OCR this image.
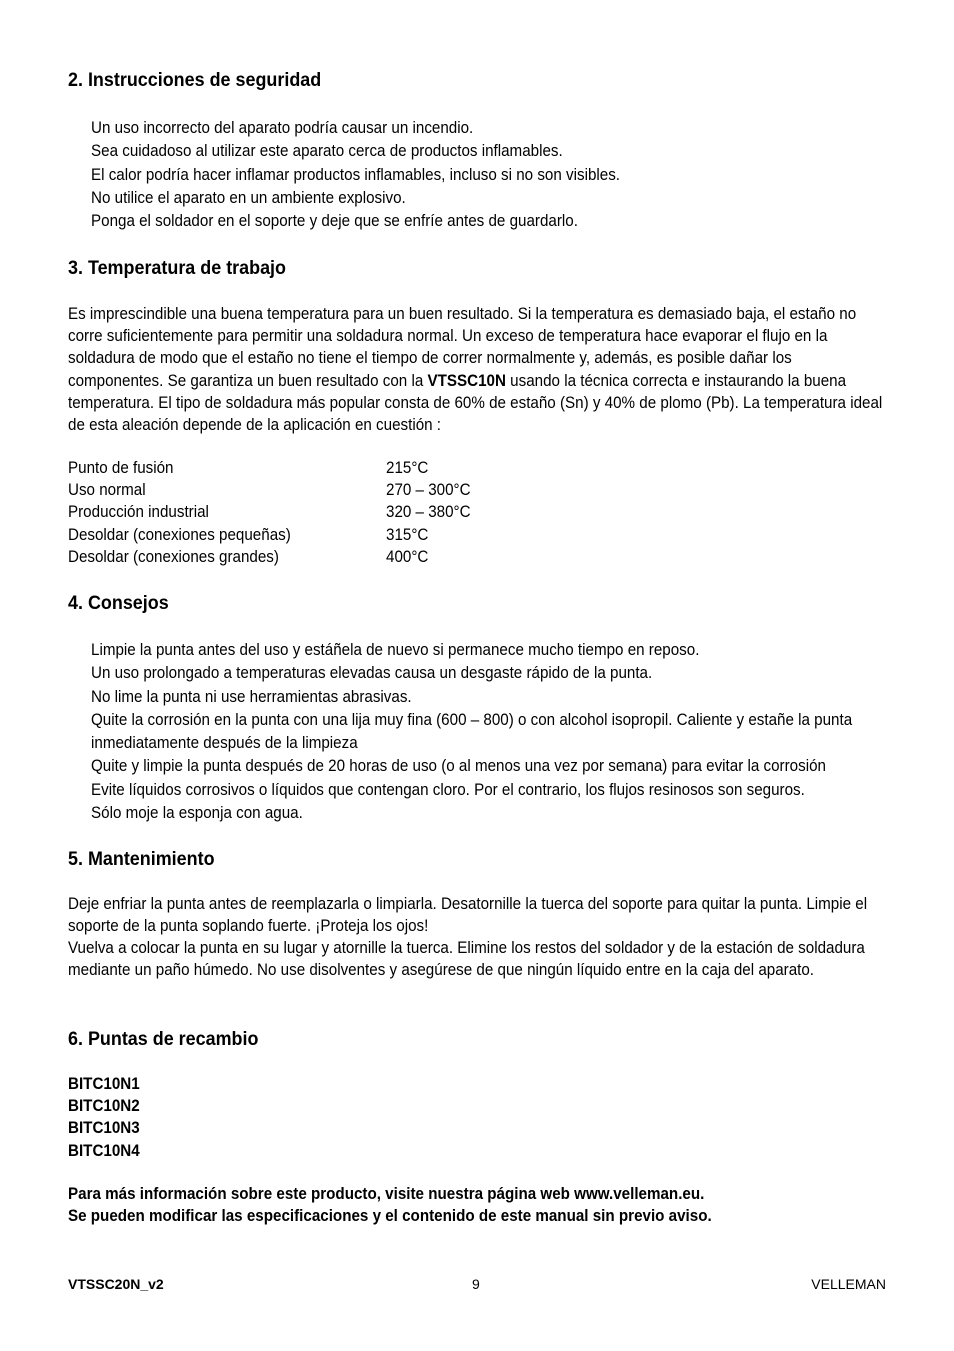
2. Instrucciones de seguridad
Un uso incorrecto del aparato podría causar un incendio.
Sea cuidadoso al utilizar este aparato cerca de productos inflamables.
El calor podría hacer inflamar productos inflamables, incluso si no son visibles.
No utilice el aparato en un ambiente explosivo.
Ponga el soldador en el soporte y deje que se enfríe antes de guardarlo.
3. Temperatura de trabajo

Es imprescindible una buena temperatura para un buen resultado. Si la temperatura es demasiado baja, el estaño no corre suficientemente para permitir una soldadura normal. Un exceso de temperatura hace evaporar el flujo en la soldadura de modo que el estaño no tiene el tiempo de correr normalmente y, además, es posible dañar los componentes. Se garantiza un buen resultado con la VTSSC10N usando la técnica correcta e instaurando la buena temperatura. El tipo de soldadura más popular consta de 60% de estaño (Sn) y 40% de plomo (Pb). La temperatura ideal de esta aleación depende de la aplicación en cuestión :

Punto de fusión	215°C
Uso normal	270 – 300°C
Producción industrial	320 – 380°C
Desoldar (conexiones pequeñas)	315°C
Desoldar (conexiones grandes)	400°C
4. Consejos
Limpie la punta antes del uso y estáñela de nuevo si permanece mucho tiempo en reposo.
Un uso prolongado a temperaturas elevadas causa un desgaste rápido de la punta.
No lime la punta ni use herramientas abrasivas.
Quite la corrosión en la punta con una lija muy fina (600 – 800) o con alcohol isopropil. Caliente y estañe la punta
inmediatamente después de la limpieza
Quite y limpie la punta después de 20 horas de uso (o al menos una vez por semana) para evitar la corrosión
Evite líquidos corrosivos o líquidos que contengan cloro. Por el contrario, los flujos resinosos son seguros.
Sólo moje la esponja con agua.
5. Mantenimiento

Deje enfriar la punta antes de reemplazarla o limpiarla. Desatornille la tuerca del soporte para quitar la punta. Limpie el soporte de la punta soplando fuerte. ¡Proteja los ojos!

Vuelva a colocar la punta en su lugar y atornille la tuerca. Elimine los restos del soldador y de la estación de soldadura mediante un paño húmedo. No use disolventes y asegúrese de que ningún líquido entre en la caja del aparato.

6. Puntas de recambio
BITC10N1
BITC10N2
BITC10N3
BITC10N4
Para más información sobre este producto, visite nuestra página web www.velleman.eu.
Se pueden modificar las especificaciones y el contenido de este manual sin previo aviso.
VTSSC20N_v2	9	VELLEMAN
